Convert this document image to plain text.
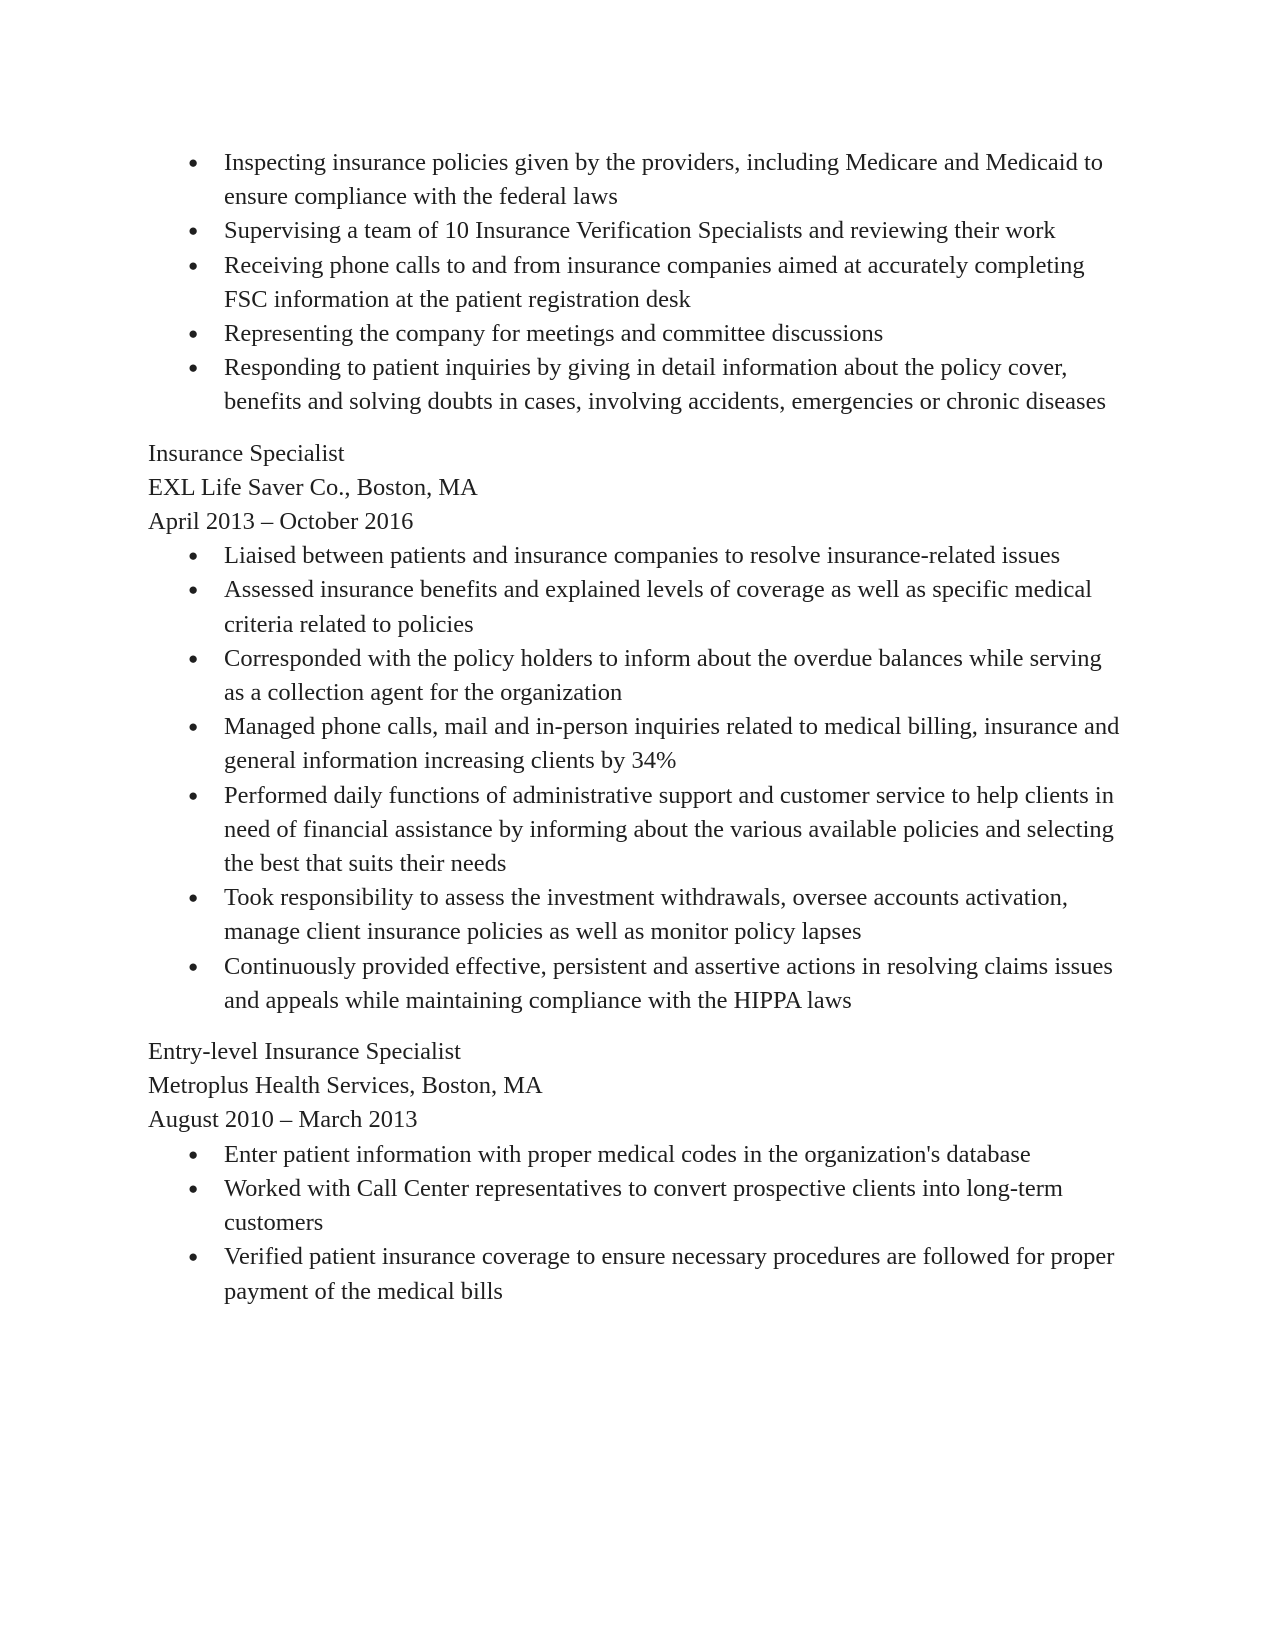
● Inspecting insurance policies given by the providers, including Medicare and Medicaid to ensure compliance with the federal laws
● Supervising a team of 10 Insurance Verification Specialists and reviewing their work
● Receiving phone calls to and from insurance companies aimed at accurately completing FSC information at the patient registration desk
● Representing the company for meetings and committee discussions
● Responding to patient inquiries by giving in detail information about the policy cover, benefits and solving doubts in cases, involving accidents, emergencies or chronic diseases
Insurance Specialist
EXL Life Saver Co., Boston, MA
April 2013 – October 2016
● Liaised between patients and insurance companies to resolve insurance-related issues
● Assessed insurance benefits and explained levels of coverage as well as specific medical criteria related to policies
● Corresponded with the policy holders to inform about the overdue balances while serving as a collection agent for the organization
● Managed phone calls, mail and in-person inquiries related to medical billing, insurance and general information increasing clients by 34%
● Performed daily functions of administrative support and customer service to help clients in need of financial assistance by informing about the various available policies and selecting the best that suits their needs
● Took responsibility to assess the investment withdrawals, oversee accounts activation, manage client insurance policies as well as monitor policy lapses
● Continuously provided effective, persistent and assertive actions in resolving claims issues and appeals while maintaining compliance with the HIPPA laws
Entry-level Insurance Specialist
Metroplus Health Services, Boston, MA
August 2010 – March 2013
● Enter patient information with proper medical codes in the organization's database
● Worked with Call Center representatives to convert prospective clients into long-term customers
● Verified patient insurance coverage to ensure necessary procedures are followed for proper payment of the medical bills
